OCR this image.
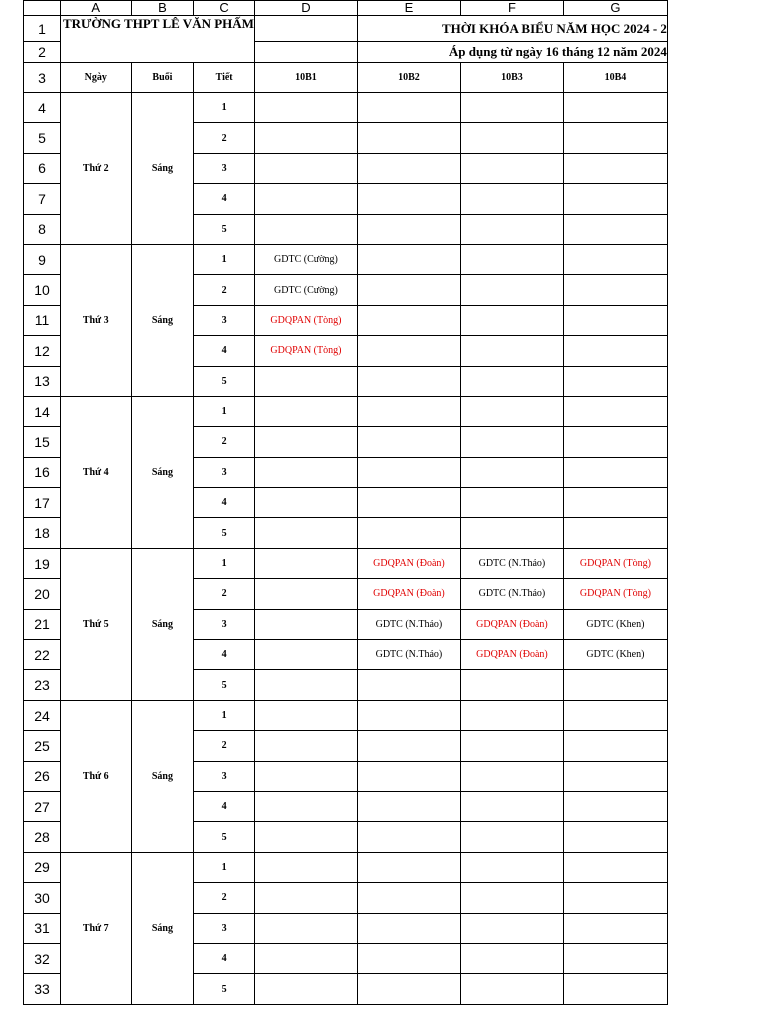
	A	B	C	D	E	F	G
1	TRƯỜNG THPT LÊ VĂN PHẤM				THỜI KHÓA BIỂU NĂM HỌC 2024 - 2		
2					Áp dụng từ ngày 16 tháng 12 năm 2024		
3	Ngày	Buổi	Tiết	10B1	10B2	10B3	10B4
4	Thứ 2	Sáng	1				
5			2				
6			3				
7			4				
8			5				
9	Thứ 3	Sáng	1	GDTC (Cường)			
10			2	GDTC (Cường)			
11			3	GDQPAN (Tòng)			
12			4	GDQPAN (Tòng)			
13			5				
14	Thứ 4	Sáng	1				
15			2				
16			3				
17			4				
18			5				
19	Thứ 5	Sáng	1		GDQPAN (Đoàn)	GDTC (N.Thảo)	GDQPAN (Tòng)
20			2		GDQPAN (Đoàn)	GDTC (N.Thảo)	GDQPAN (Tòng)
21			3		GDTC (N.Thảo)	GDQPAN (Đoàn)	GDTC (Khen)
22			4		GDTC (N.Thảo)	GDQPAN (Đoàn)	GDTC (Khen)
23			5				
24	Thứ 6	Sáng	1				
25			2				
26			3				
27			4				
28			5				
29	Thứ 7	Sáng	1				
30			2				
31			3				
32			4				
33			5				
